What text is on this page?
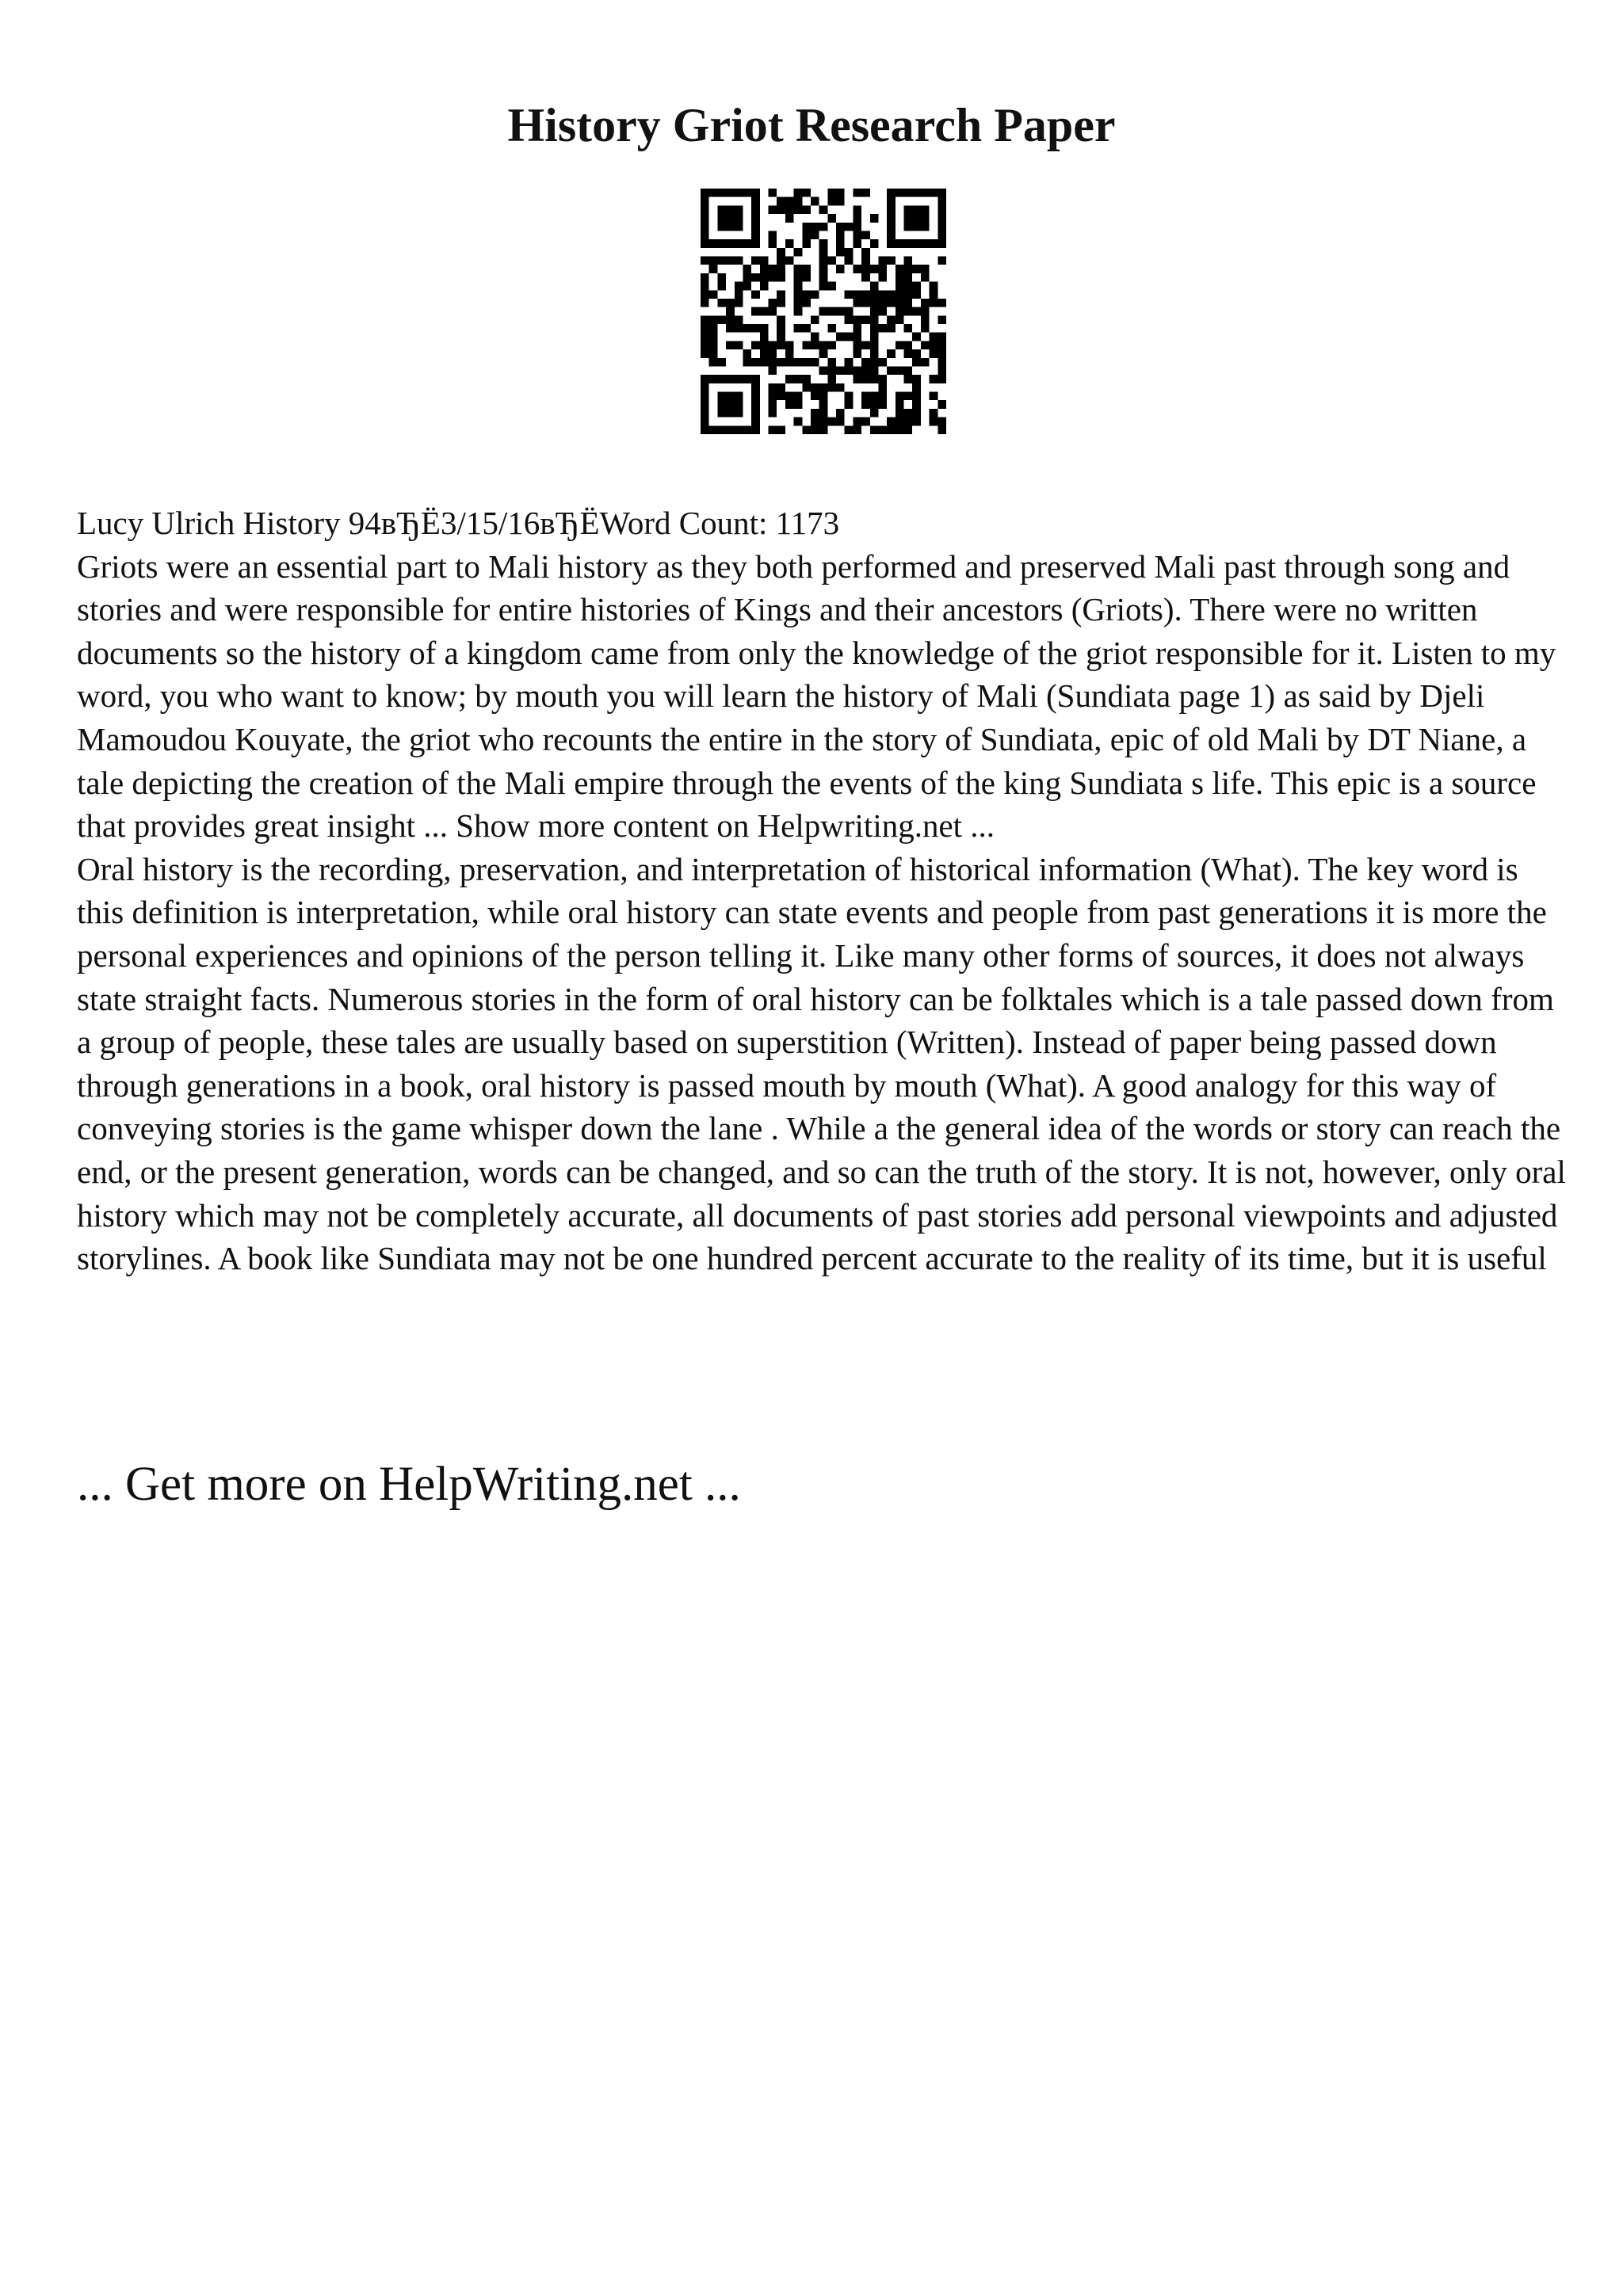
History Griot Research Paper

Lucy Ulrich History 94вЂЁ3/15/16вЂЁWord Count: 1173

Griots were an essential part to Mali history as they both performed and preserved Mali past through song and stories and were responsible for entire histories of Kings and their ancestors (Griots). There were no written documents so the history of a kingdom came from only the knowledge of the griot responsible for it. Listen to my word, you who want to know; by mouth you will learn the history of Mali (Sundiata page 1) as said by Djeli Mamoudou Kouyate, the griot who recounts the entire in the story of Sundiata, epic of old Mali by DT Niane, a tale depicting the creation of the Mali empire through the events of the king Sundiata s life. This epic is a source that provides great insight ... Show more content on Helpwriting.net ...

Oral history is the recording, preservation, and interpretation of historical information (What). The key word is this definition is interpretation, while oral history can state events and people from past generations it is more the personal experiences and opinions of the person telling it. Like many other forms of sources, it does not always state straight facts. Numerous stories in the form of oral history can be folktales which is a tale passed down from a group of people, these tales are usually based on superstition (Written). Instead of paper being passed down through generations in a book, oral history is passed mouth by mouth (What). A good analogy for this way of conveying stories is the game whisper down the lane . While a the general idea of the words or story can reach the end, or the present generation, words can be changed, and so can the truth of the story. It is not, however, only oral history which may not be completely accurate, all documents of past stories add personal viewpoints and adjusted storylines. A book like Sundiata may not be one hundred percent accurate to the reality of its time, but it is useful

... Get more on HelpWriting.net ...
